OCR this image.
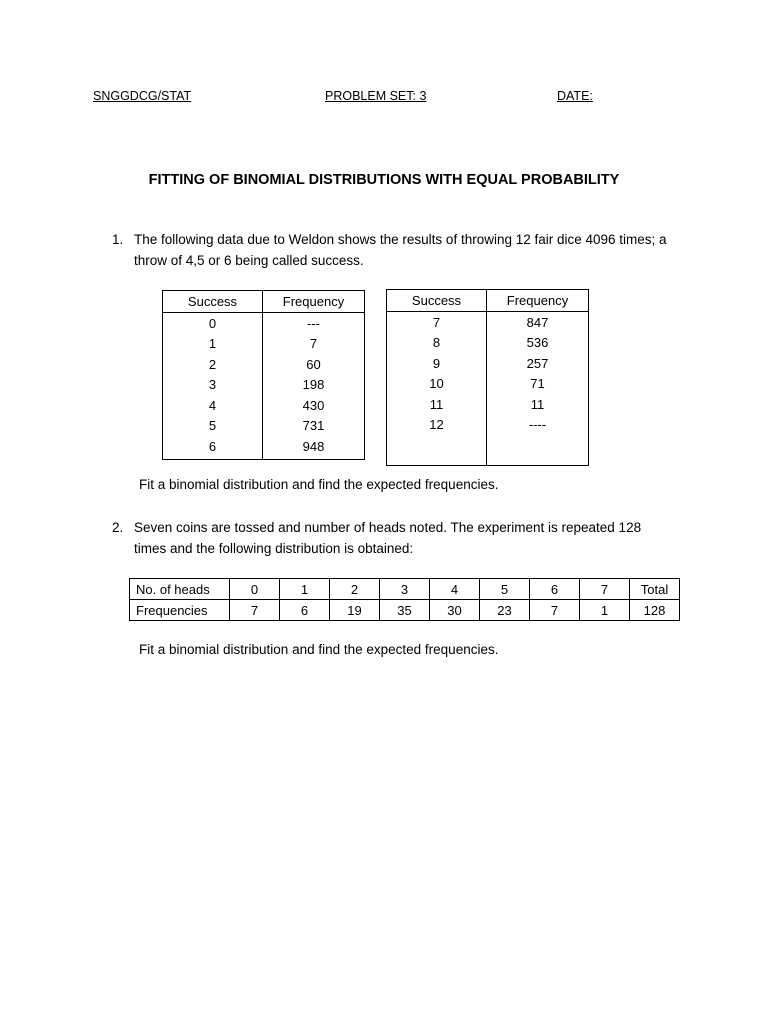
SNGGDCG/STAT	PROBLEM SET: 3	DATE:
FITTING OF BINOMIAL DISTRIBUTIONS WITH EQUAL PROBABILITY
1. The following data due to Weldon shows the results of throwing 12 fair dice 4096 times; a throw of 4,5 or 6 being called success.
Success	Frequency
0	---
1	7
2	60
3	198
4	430
5	731
6	948
Success	Frequency
7	847
8	536
9	257
10	71
11	11
12	----

Fit a binomial distribution and find the expected frequencies.
2. Seven coins are tossed and number of heads noted. The experiment is repeated 128 times and the following distribution is obtained:
No. of heads	0	1	2	3	4	5	6	7	Total
Frequencies	7	6	19	35	30	23	7	1	128
Fit a binomial distribution and find the expected frequencies.
